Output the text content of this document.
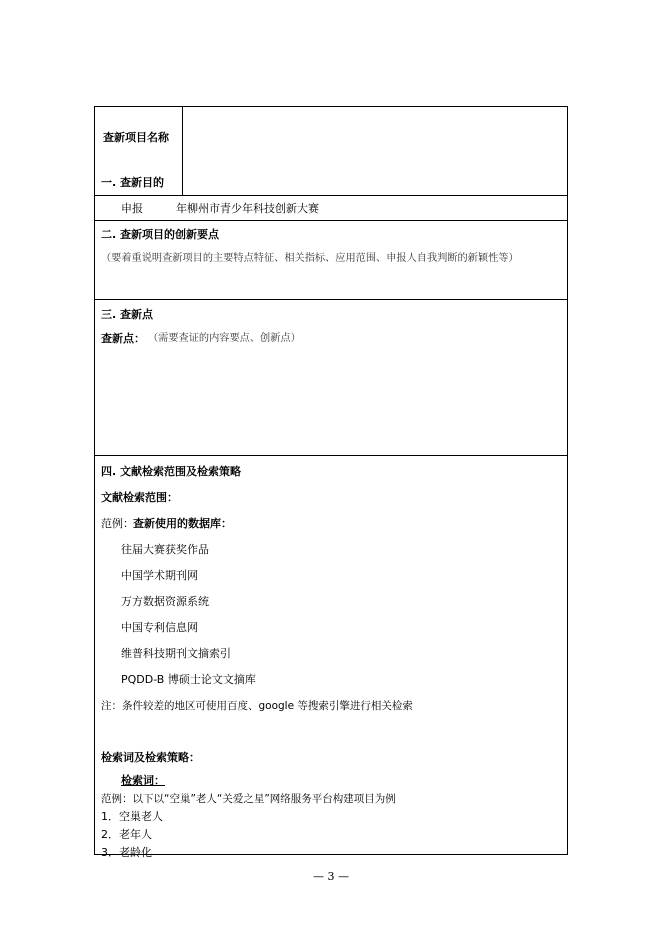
查新项目名称
一. 查新目的
申报	年柳州市青少年科技创新大赛
二. 查新项目的创新要点
（要着重说明查新项目的主要特点特征、相关指标、应用范围、申报人自我判断的新颖性等）
三. 查新点
查新点： （需要查证的内容要点、创新点）
四. 文献检索范围及检索策略
文献检索范围：
范例： 查新使用的数据库：
往届大赛获奖作品
中国学术期刊网
万方数据资源系统
中国专利信息网
维普科技期刊文摘索引
PQDD-B 博硕士论文文摘库
注：条件较差的地区可使用百度、google 等搜索引擎进行相关检索
检索词及检索策略：
检索词：
范例：以下以“空巢”老人“关爱之星”网络服务平台构建项目为例
1．空巢老人
2．老年人
3．老龄化
— 3 —
